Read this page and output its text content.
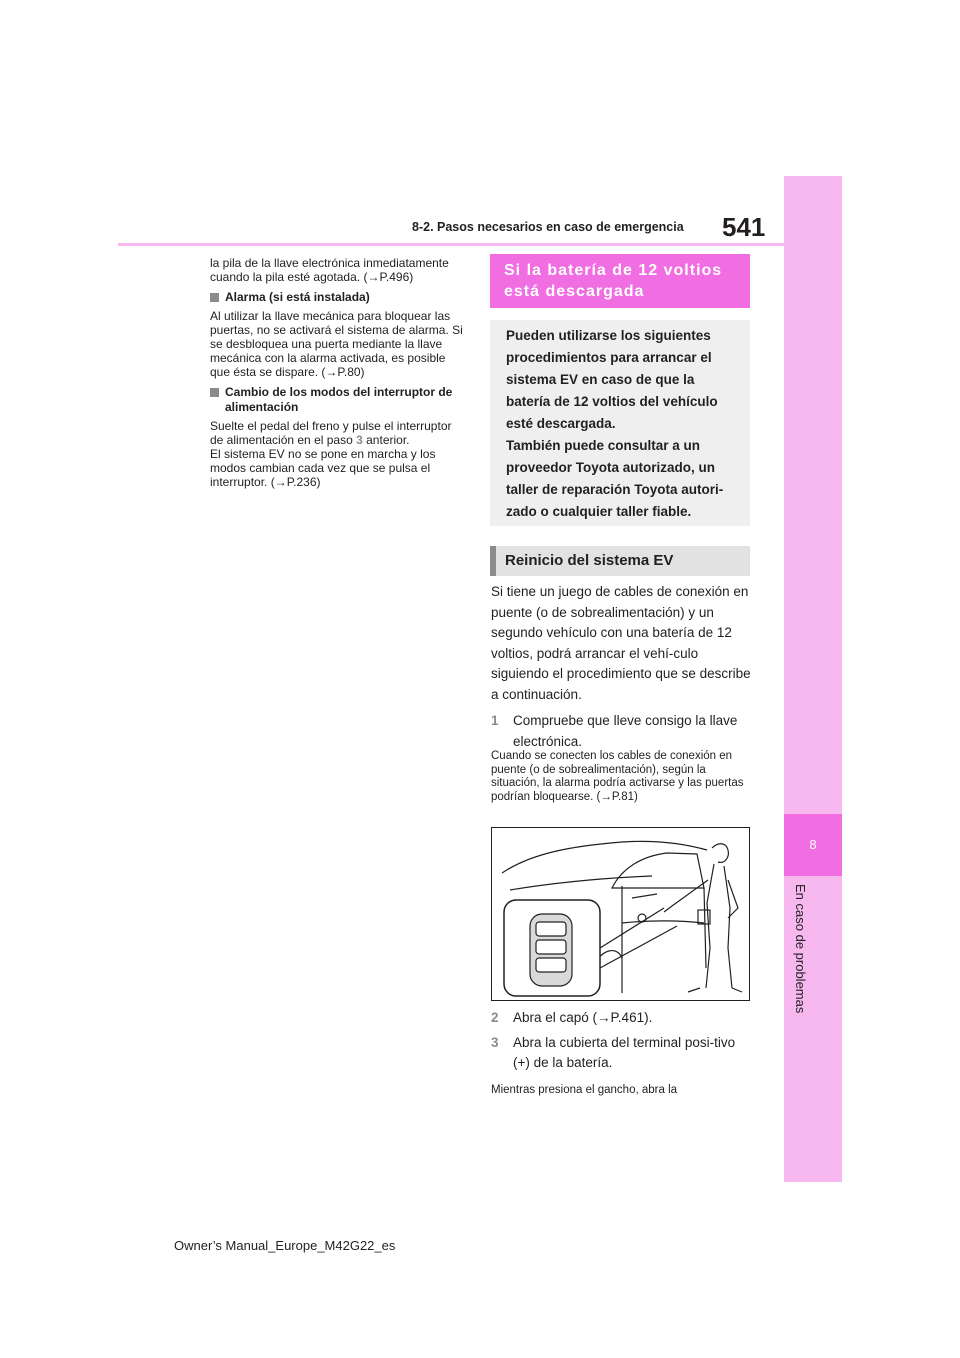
8-2. Pasos necesarios en caso de emergencia 541
8
En caso de problemas

la pila de la llave electrónica inmediatamente cuando la pila esté agotada. (→P.496)

Alarma (si está instalada)

Al utilizar la llave mecánica para bloquear las puertas, no se activará el sistema de alarma. Si se desbloquea una puerta mediante la llave mecánica con la alarma activada, es posible que ésta se dispare. (→P.80)

Cambio de los modos del interruptor de alimentación

Suelte el pedal del freno y pulse el interruptor de alimentación en el paso 3 anterior.

El sistema EV no se pone en marcha y los modos cambian cada vez que se pulsa el interruptor. (→P.236)

Si la batería de 12 voltios está descargada

Pueden utilizarse los siguientes procedimientos para arrancar el sistema EV en caso de que la batería de 12 voltios del vehículo esté descargada.

También puede consultar a un proveedor Toyota autorizado, un taller de reparación Toyota autori-zado o cualquier taller fiable.

Reinicio del sistema EV

Si tiene un juego de cables de conexión en puente (o de sobrealimentación) y un segundo vehículo con una batería de 12 voltios, podrá arrancar el vehí-culo siguiendo el procedimiento que se describe a continuación.

1	Compruebe que lleve consigo la llave electrónica.
Cuando se conecten los cables de conexión en puente (o de sobrealimentación), según la situación, la alarma podría activarse y las puertas podrían bloquearse. (→P.81)
2	Abra el capó (→P.461).
3	Abra la cubierta del terminal posi-tivo (+) de la batería.
Mientras presiona el gancho, abra la
Owner’s Manual_Europe_M42G22_es
